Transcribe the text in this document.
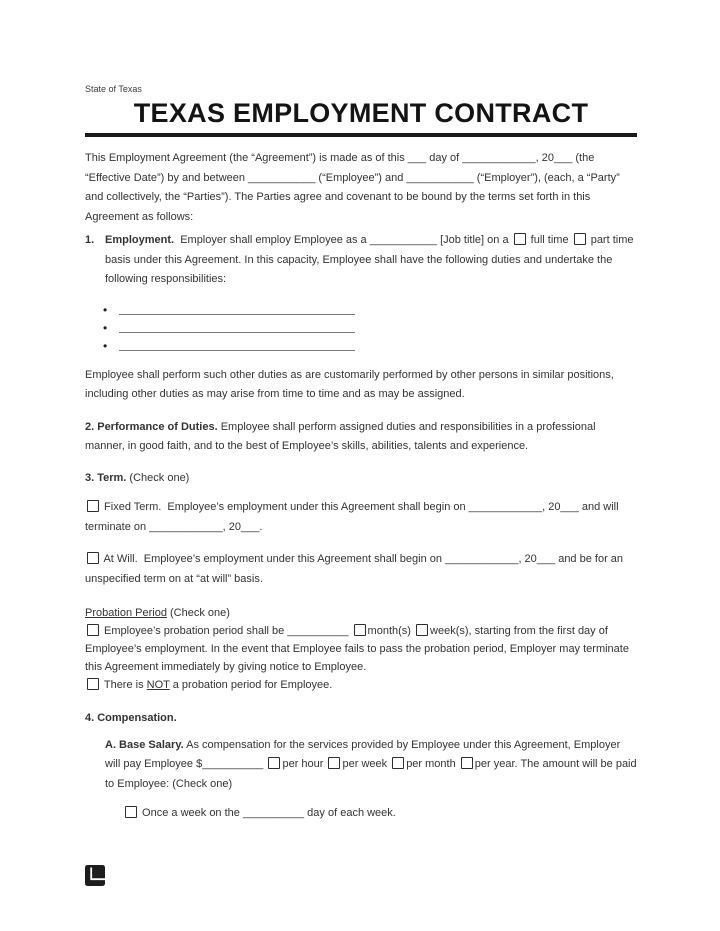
State of Texas
TEXAS EMPLOYMENT CONTRACT

This Employment Agreement (the “Agreement”) is made as of this ___ day of ____________, 20___ (the “Effective Date”) by and between ___________ (“Employee”) and ___________ (“Employer”), (each, a “Party” and collectively, the “Parties”). The Parties agree and covenant to be bound by the terms set forth in this Agreement as follows:

1. Employment.  Employer shall employ Employee as a ___________ [Job title] on a  full time  part time basis under this Agreement. In this capacity, Employee shall have the following duties and undertake the following responsibilities:
•
•
•

Employee shall perform such other duties as are customarily performed by other persons in similar positions, including other duties as may arise from time to time and as may be assigned.

2. Performance of Duties. Employee shall perform assigned duties and responsibilities in a professional manner, in good faith, and to the best of Employee’s skills, abilities, talents and experience.

3. Term. (Check one)

Fixed Term.  Employee’s employment under this Agreement shall begin on ____________, 20___ and will terminate on ____________, 20___.

At Will.  Employee’s employment under this Agreement shall begin on ____________, 20___ and be for an unspecified term on at “at will” basis.

Probation Period (Check one)

Employee’s probation period shall be __________ month(s) week(s), starting from the first day of Employee’s employment. In the event that Employee fails to pass the probation period, Employer may terminate this Agreement immediately by giving notice to Employee.

There is NOT a probation period for Employee.

4. Compensation.

A. Base Salary. As compensation for the services provided by Employee under this Agreement, Employer will pay Employee $__________ per hour per week per month per year. The amount will be paid to Employee: (Check one)

Once a week on the __________ day of each week.
